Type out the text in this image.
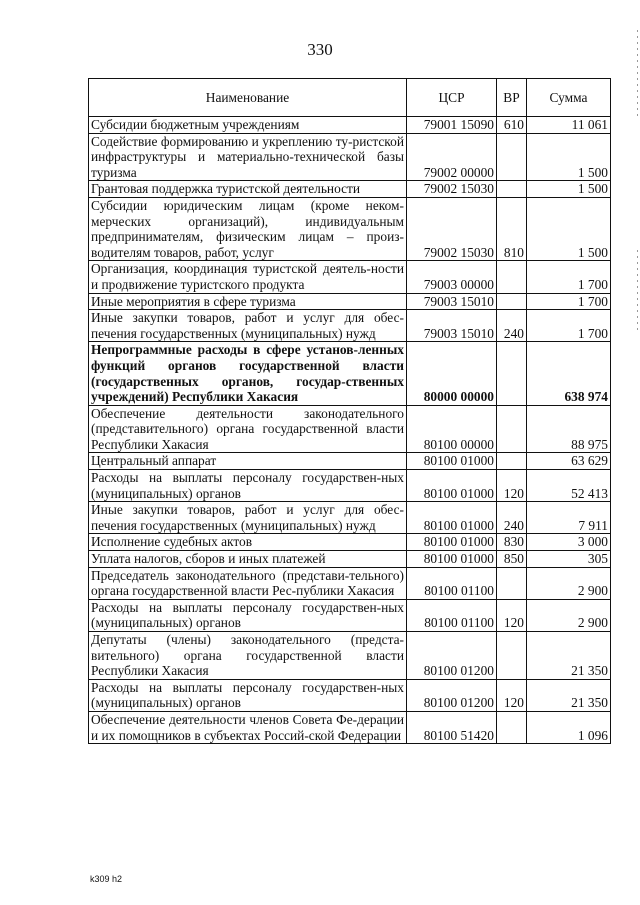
330
Наименование	ЦСР	ВР	Сумма
Субсидии бюджетным учреждениям	79001 15090	610	11 061
Содействие формированию и укреплению ту-ристской инфраструктуры и материально-технической базы туризма	79002 00000		1 500
Грантовая поддержка туристской деятельности	79002 15030		1 500
Субсидии юридическим лицам (кроме неком-мерческих организаций), индивидуальным предпринимателям, физическим лицам – произ-водителям товаров, работ, услуг	79002 15030	810	1 500
Организация, координация туристской деятель-ности и продвижение туристского продукта	79003 00000		1 700
Иные мероприятия в сфере туризма	79003 15010		1 700
Иные закупки товаров, работ и услуг для обес-печения государственных (муниципальных) нужд	79003 15010	240	1 700
Непрограммные расходы в сфере установ-ленных функций органов государственной власти (государственных органов, государ-ственных учреждений) Республики Хакасия	80000 00000		638 974
Обеспечение деятельности законодательного (представительного) органа государственной власти Республики Хакасия	80100 00000		88 975
Центральный аппарат	80100 01000		63 629
Расходы на выплаты персоналу государствен-ных (муниципальных) органов	80100 01000	120	52 413
Иные закупки товаров, работ и услуг для обес-печения государственных (муниципальных) нужд	80100 01000	240	7 911
Исполнение судебных актов	80100 01000	830	3 000
Уплата налогов, сборов и иных платежей	80100 01000	850	305
Председатель законодательного (представи-тельного) органа государственной власти Рес-публики Хакасия	80100 01100		2 900
Расходы на выплаты персоналу государствен-ных (муниципальных) органов	80100 01100	120	2 900
Депутаты (члены) законодательного (предста-вительного) органа государственной власти Республики Хакасия	80100 01200		21 350
Расходы на выплаты персоналу государствен-ных (муниципальных) органов	80100 01200	120	21 350
Обеспечение деятельности членов Совета Фе-дерации и их помощников в субъектах Россий-ской Федерации	80100 51420		1 096
k309 h2
